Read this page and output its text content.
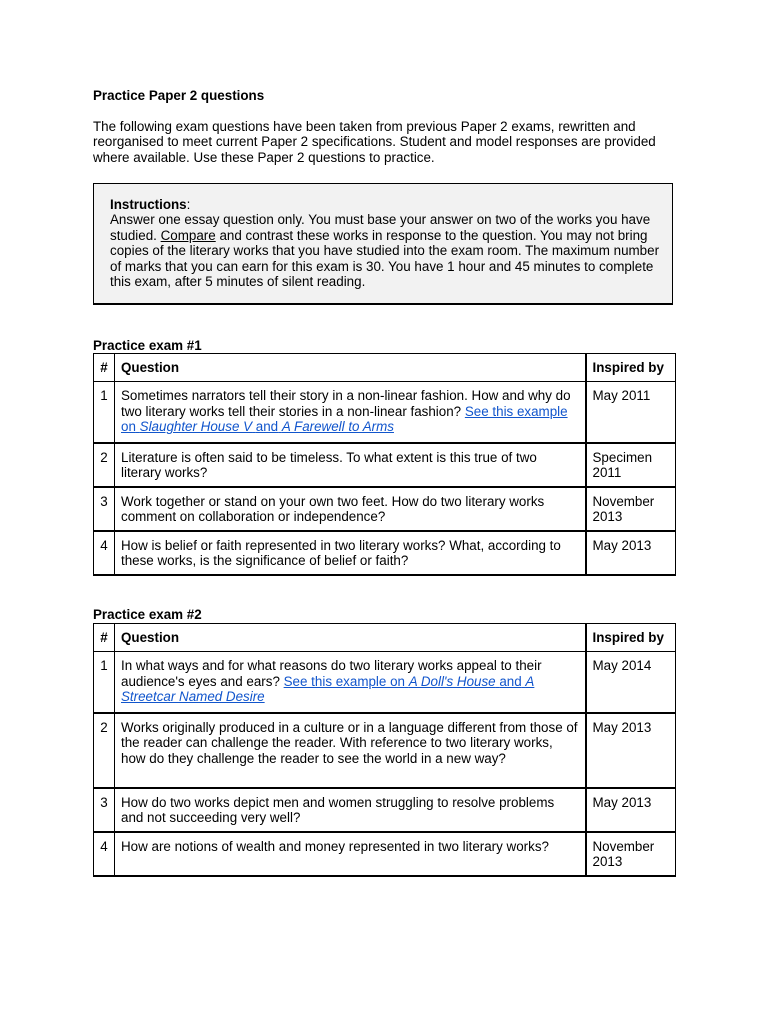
Practice Paper 2 questions
The following exam questions have been taken from previous Paper 2 exams, rewritten and reorganised to meet current Paper 2 specifications. Student and model responses are provided where available. Use these Paper 2 questions to practice.
Instructions:
Answer one essay question only. You must base your answer on two of the works you have studied. Compare and contrast these works in response to the question. You may not bring copies of the literary works that you have studied into the exam room. The maximum number of marks that you can earn for this exam is 30. You have 1 hour and 45 minutes to complete this exam, after 5 minutes of silent reading.
Practice exam #1
#	Question	Inspired by
1	Sometimes narrators tell their story in a non-linear fashion. How and why do two literary works tell their stories in a non-linear fashion? See this example on Slaughter House V and A Farewell to Arms	May 2011
2	Literature is often said to be timeless. To what extent is this true of two literary works?	Specimen 2011
3	Work together or stand on your own two feet. How do two literary works comment on collaboration or independence?	November 2013
4	How is belief or faith represented in two literary works? What, according to these works, is the significance of belief or faith?	May 2013
Practice exam #2
#	Question	Inspired by
1	In what ways and for what reasons do two literary works appeal to their audience's eyes and ears? See this example on A Doll's House and A Streetcar Named Desire	May 2014
2	Works originally produced in a culture or in a language different from those of the reader can challenge the reader. With reference to two literary works, how do they challenge the reader to see the world in a new way?	May 2013
3	How do two works depict men and women struggling to resolve problems and not succeeding very well?	May 2013
4	How are notions of wealth and money represented in two literary works?	November 2013
